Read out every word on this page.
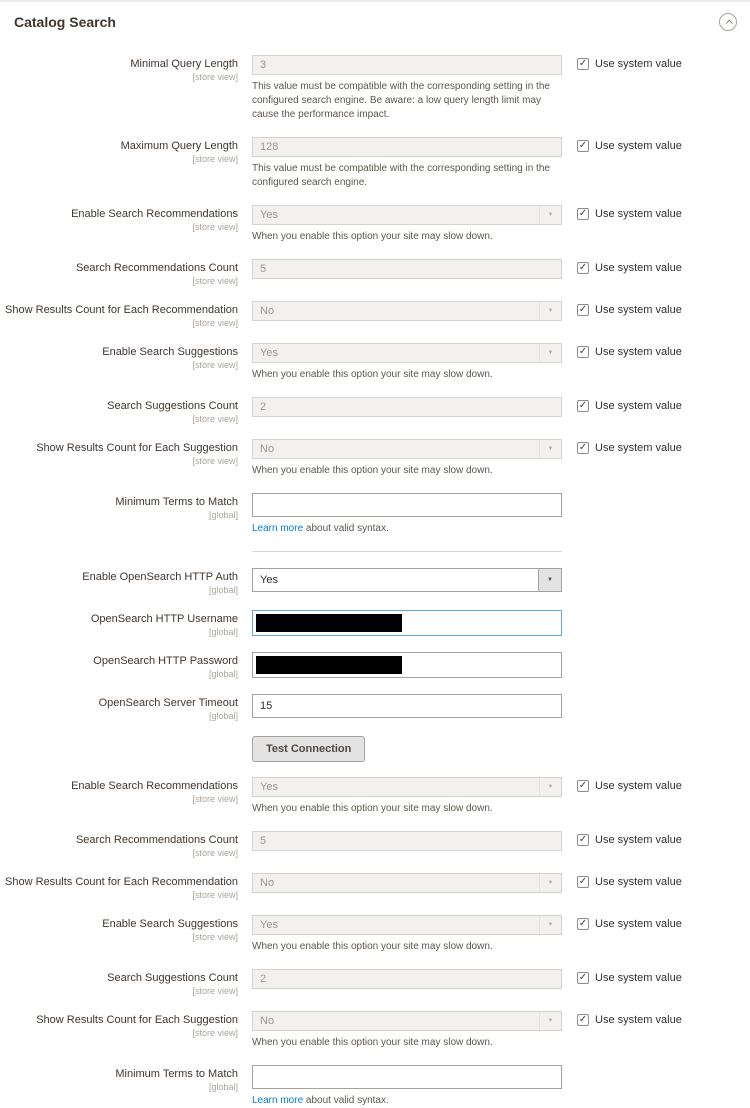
Catalog Search
Minimal Query Length
[store view]
3
This value must be compatible with the corresponding setting in the configured search engine. Be aware: a low query length limit may cause the performance impact.
✓ Use system value
Maximum Query Length
[store view]
128
This value must be compatible with the corresponding setting in the configured search engine.
✓ Use system value
Enable Search Recommendations
[store view]
Yes	▼
When you enable this option your site may slow down.
✓ Use system value
Search Recommendations Count
[store view]
5
✓ Use system value
Show Results Count for Each Recommendation
[store view]
No	▼	✓ Use system value
Enable Search Suggestions
[store view]
Yes	▼
When you enable this option your site may slow down.
✓ Use system value
Search Suggestions Count
[store view]
2
✓ Use system value
Show Results Count for Each Suggestion
[store view]
No	▼
When you enable this option your site may slow down.
✓ Use system value
Minimum Terms to Match
[global]
Learn more about valid syntax.
Enable OpenSearch HTTP Auth
[global]
Yes	▼
OpenSearch HTTP Username
[global]
OpenSearch HTTP Password
[global]
OpenSearch Server Timeout
[global]
15
Test Connection
Enable Search Recommendations
[store view]
Yes	▼
When you enable this option your site may slow down.
✓ Use system value
Search Recommendations Count
[store view]
5
✓ Use system value
Show Results Count for Each Recommendation
[store view]
No	▼	✓ Use system value
Enable Search Suggestions
[store view]
Yes	▼
When you enable this option your site may slow down.
✓ Use system value
Search Suggestions Count
[store view]
2
✓ Use system value
Show Results Count for Each Suggestion
[store view]
No	▼
When you enable this option your site may slow down.
✓ Use system value
Minimum Terms to Match
[global]
Learn more about valid syntax.
